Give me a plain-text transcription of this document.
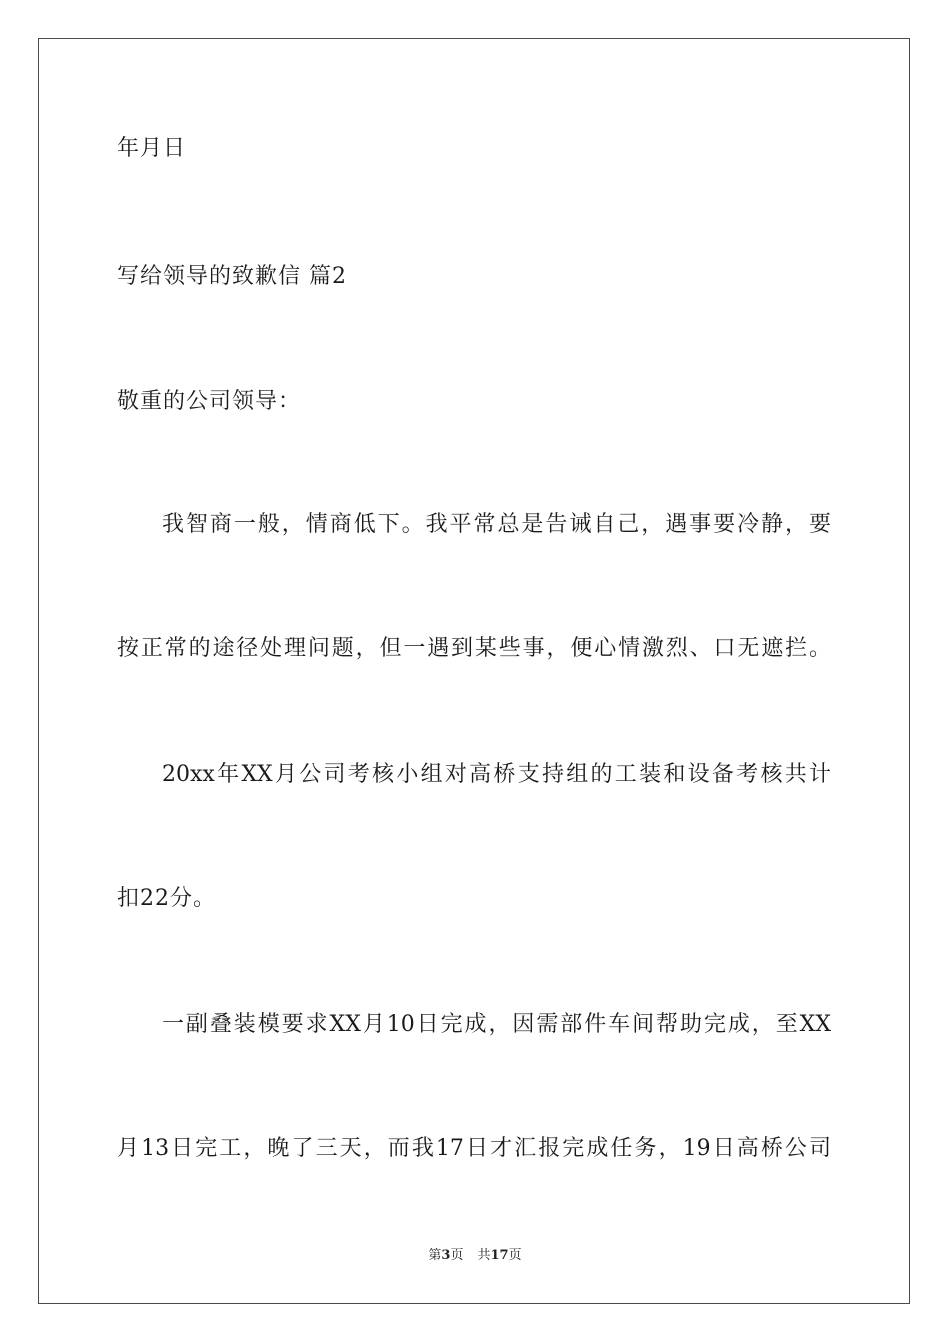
年月日
写给领导的致歉信 篇2
敬重的公司领导：
我智商一般，情商低下。我平常总是告诫自己，遇事要冷静，要
按正常的途径处理问题，但一遇到某些事，便心情激烈、口无遮拦。
20xx年XX月公司考核小组对高桥支持组的工装和设备考核共计
扣22分。
一副叠装模要求XX月10日完成，因需部件车间帮助完成，至XX
月13日完工，晚了三天，而我17日才汇报完成任务，19日高桥公司
第3页 共17页
